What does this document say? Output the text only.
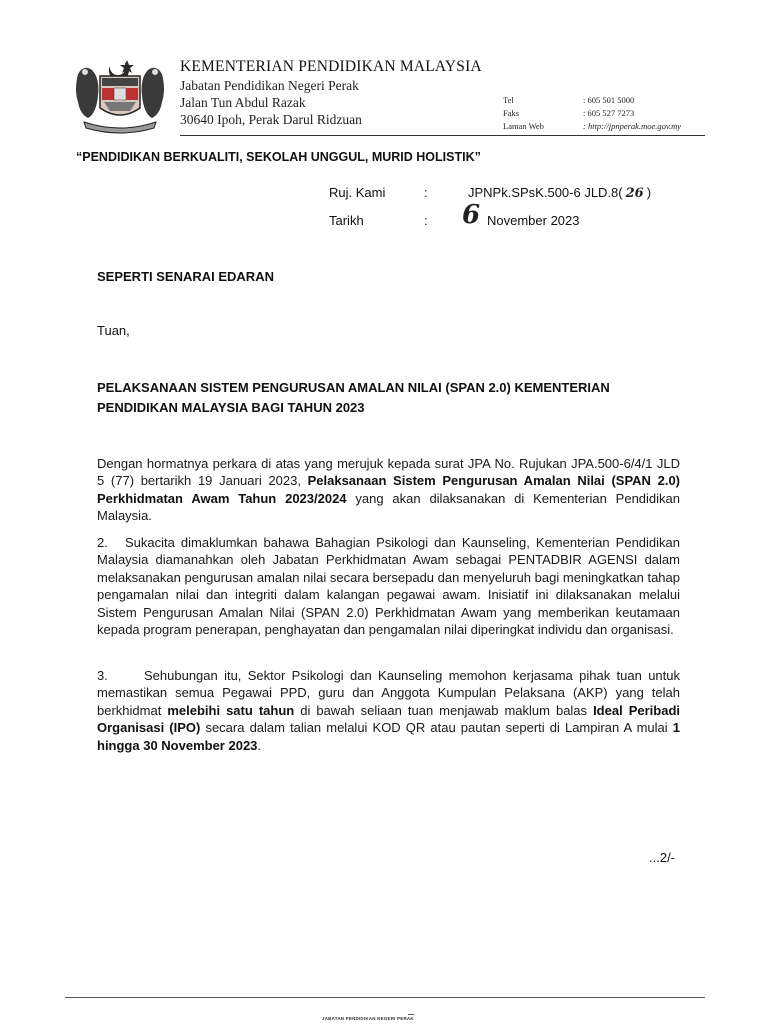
KEMENTERIAN PENDIDIKAN MALAYSIA
Jabatan Pendidikan Negeri Perak
Jalan Tun Abdul Razak
30640 Ipoh, Perak Darul Ridzuan
Tel	: 605 501 5000
Faks	: 605 527 7273
Laman Web	: http://jpnperak.moe.gov.my
“PENDIDIKAN BERKUALITI, SEKOLAH UNGGUL, MURID HOLISTIK”
Ruj. Kami	:	JPNPk.SPsK.500-6 JLD.8( 26 )
Tarikh	: 6 November 2023
SEPERTI SENARAI EDARAN
Tuan,
PELAKSANAAN SISTEM PENGURUSAN AMALAN NILAI (SPAN 2.0) KEMENTERIAN PENDIDIKAN MALAYSIA BAGI TAHUN 2023
Dengan hormatnya perkara di atas yang merujuk kepada surat JPA No. Rujukan JPA.500-6/4/1 JLD 5 (77) bertarikh 19 Januari 2023, Pelaksanaan Sistem Pengurusan Amalan Nilai (SPAN 2.0) Perkhidmatan Awam Tahun 2023/2024 yang akan dilaksanakan di Kementerian Pendidikan Malaysia.
2. Sukacita dimaklumkan bahawa Bahagian Psikologi dan Kaunseling, Kementerian Pendidikan Malaysia diamanahkan oleh Jabatan Perkhidmatan Awam sebagai PENTADBIR AGENSI dalam melaksanakan pengurusan amalan nilai secara bersepadu dan menyeluruh bagi meningkatkan tahap pengamalan nilai dan integriti dalam kalangan pegawai awam. Inisiatif ini dilaksanakan melalui Sistem Pengurusan Amalan Nilai (SPAN 2.0) Perkhidmatan Awam yang memberikan keutamaan kepada program penerapan, penghayatan dan pengamalan nilai diperingkat individu dan organisasi.
3.	Sehubungan itu, Sektor Psikologi dan Kaunseling memohon kerjasama pihak tuan untuk memastikan semua Pegawai PPD, guru dan Anggota Kumpulan Pelaksana (AKP) yang telah berkhidmat melebihi satu tahun di bawah seliaan tuan menjawab maklum balas Ideal Peribadi Organisasi (IPO) secara dalam talian melalui KOD QR atau pautan seperti di Lampiran A mulai 1 hingga 30 November 2023.
...2/-
JABATAN PENDIDIKAN NEGERI PERAK
